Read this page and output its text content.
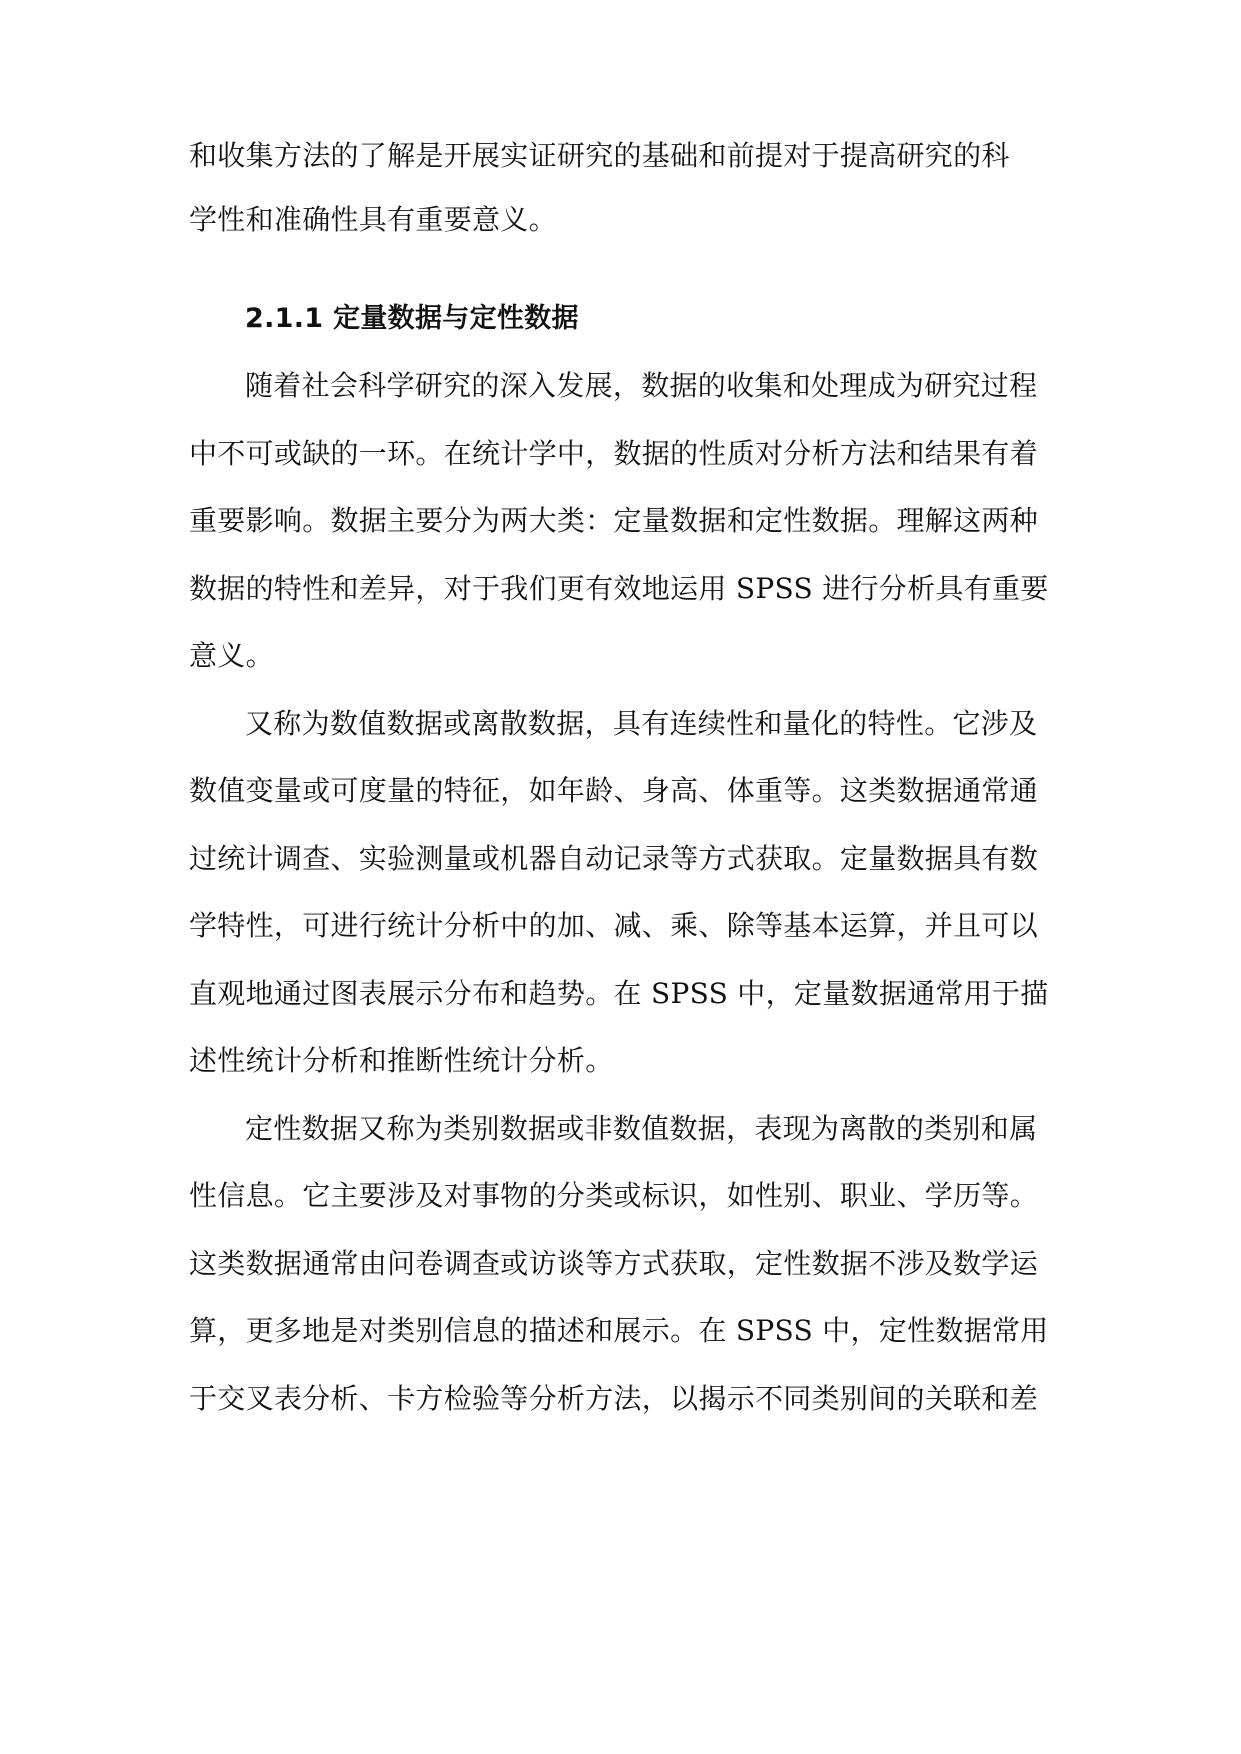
和收集方法的了解是开展实证研究的基础和前提对于提高研究的科

学性和准确性具有重要意义。

2.1.1 定量数据与定性数据

随着社会科学研究的深入发展，数据的收集和处理成为研究过程

中不可或缺的一环。在统计学中，数据的性质对分析方法和结果有着

重要影响。数据主要分为两大类：定量数据和定性数据。理解这两种

数据的特性和差异，对于我们更有效地运用 SPSS 进行分析具有重要

意义。

又称为数值数据或离散数据，具有连续性和量化的特性。它涉及

数值变量或可度量的特征，如年龄、身高、体重等。这类数据通常通

过统计调查、实验测量或机器自动记录等方式获取。定量数据具有数

学特性，可进行统计分析中的加、减、乘、除等基本运算，并且可以

直观地通过图表展示分布和趋势。在 SPSS 中，定量数据通常用于描

述性统计分析和推断性统计分析。

定性数据又称为类别数据或非数值数据，表现为离散的类别和属

性信息。它主要涉及对事物的分类或标识，如性别、职业、学历等。

这类数据通常由问卷调查或访谈等方式获取，定性数据不涉及数学运

算，更多地是对类别信息的描述和展示。在 SPSS 中，定性数据常用

于交叉表分析、卡方检验等分析方法，以揭示不同类别间的关联和差
